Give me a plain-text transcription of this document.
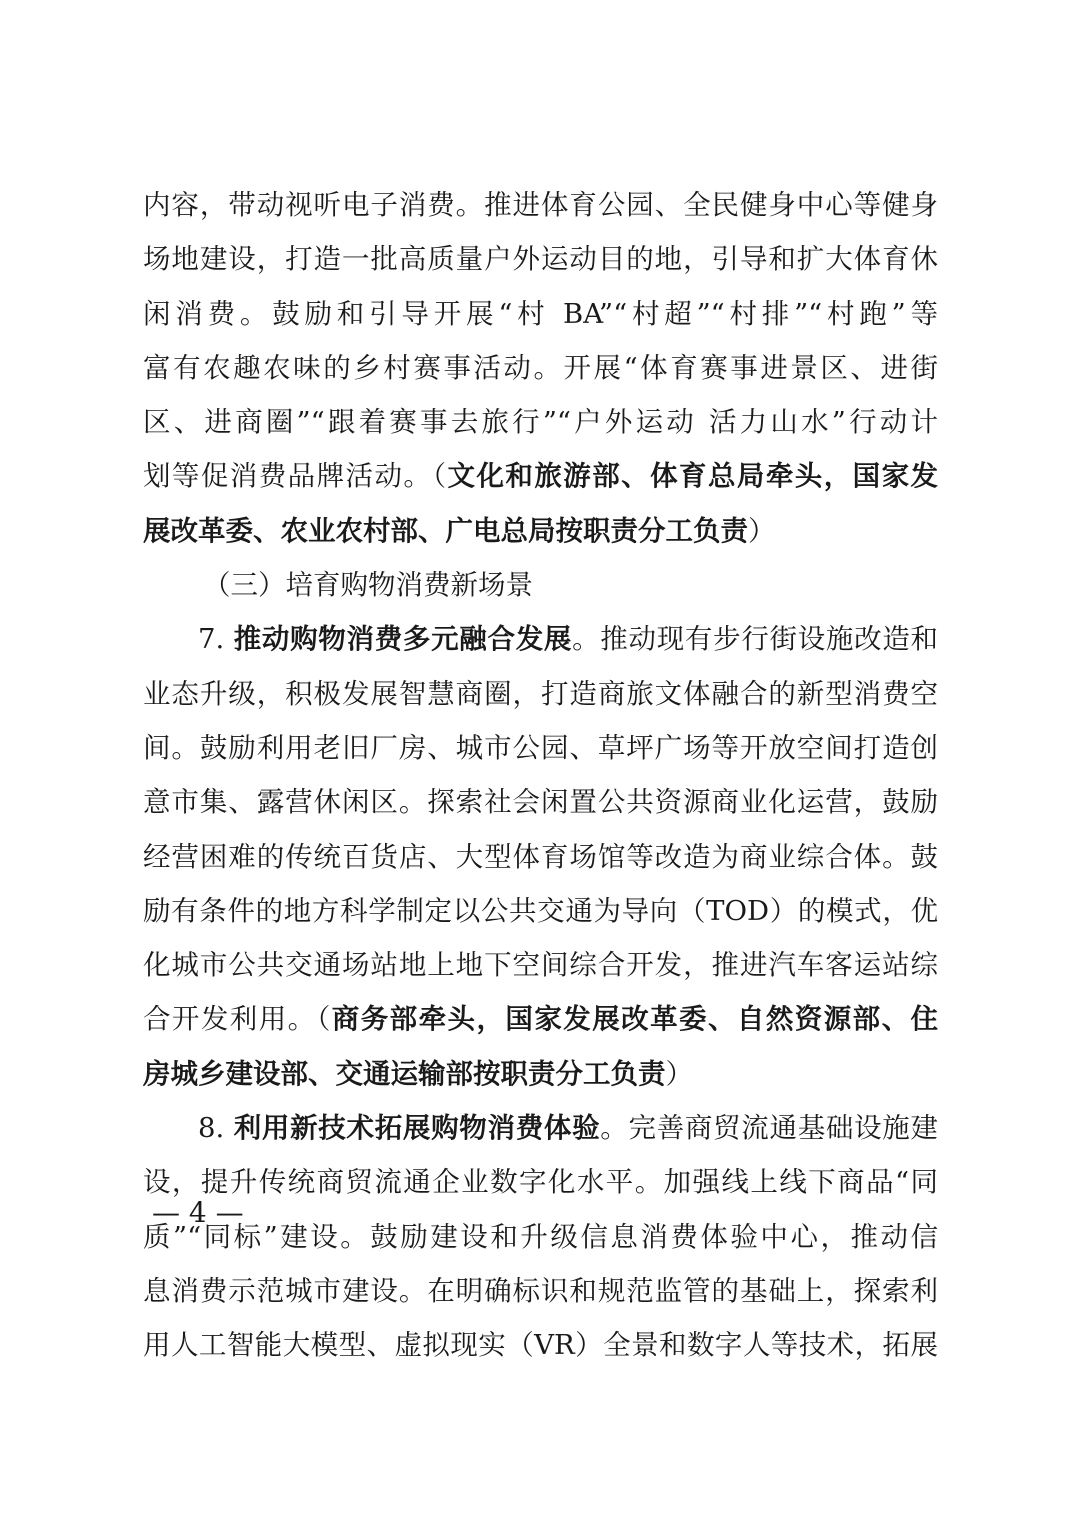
内容，带动视听电子消费。推进体育公园、全民健身中心等健身
场地建设，打造一批高质量户外运动目的地，引导和扩大体育休
闲消费。鼓励和引导开展“村 BA”“村超”“村排”“村跑”等
富有农趣农味的乡村赛事活动。开展“体育赛事进景区、进街
区、进商圈”“跟着赛事去旅行”“户外运动 活力山水”行动计
划等促消费品牌活动。（文化和旅游部、体育总局牵头，国家发
展改革委、农业农村部、广电总局按职责分工负责）
（三）培育购物消费新场景
7. 推动购物消费多元融合发展。推动现有步行街设施改造和
业态升级，积极发展智慧商圈，打造商旅文体融合的新型消费空
间。鼓励利用老旧厂房、城市公园、草坪广场等开放空间打造创
意市集、露营休闲区。探索社会闲置公共资源商业化运营，鼓励
经营困难的传统百货店、大型体育场馆等改造为商业综合体。鼓
励有条件的地方科学制定以公共交通为导向（TOD）的模式，优
化城市公共交通场站地上地下空间综合开发，推进汽车客运站综
合开发利用。（商务部牵头，国家发展改革委、自然资源部、住
房城乡建设部、交通运输部按职责分工负责）
8. 利用新技术拓展购物消费体验。完善商贸流通基础设施建
设，提升传统商贸流通企业数字化水平。加强线上线下商品“同
质”“同标”建设。鼓励建设和升级信息消费体验中心，推动信
息消费示范城市建设。在明确标识和规范监管的基础上，探索利
用人工智能大模型、虚拟现实（VR）全景和数字人等技术，拓展
— 4 —
